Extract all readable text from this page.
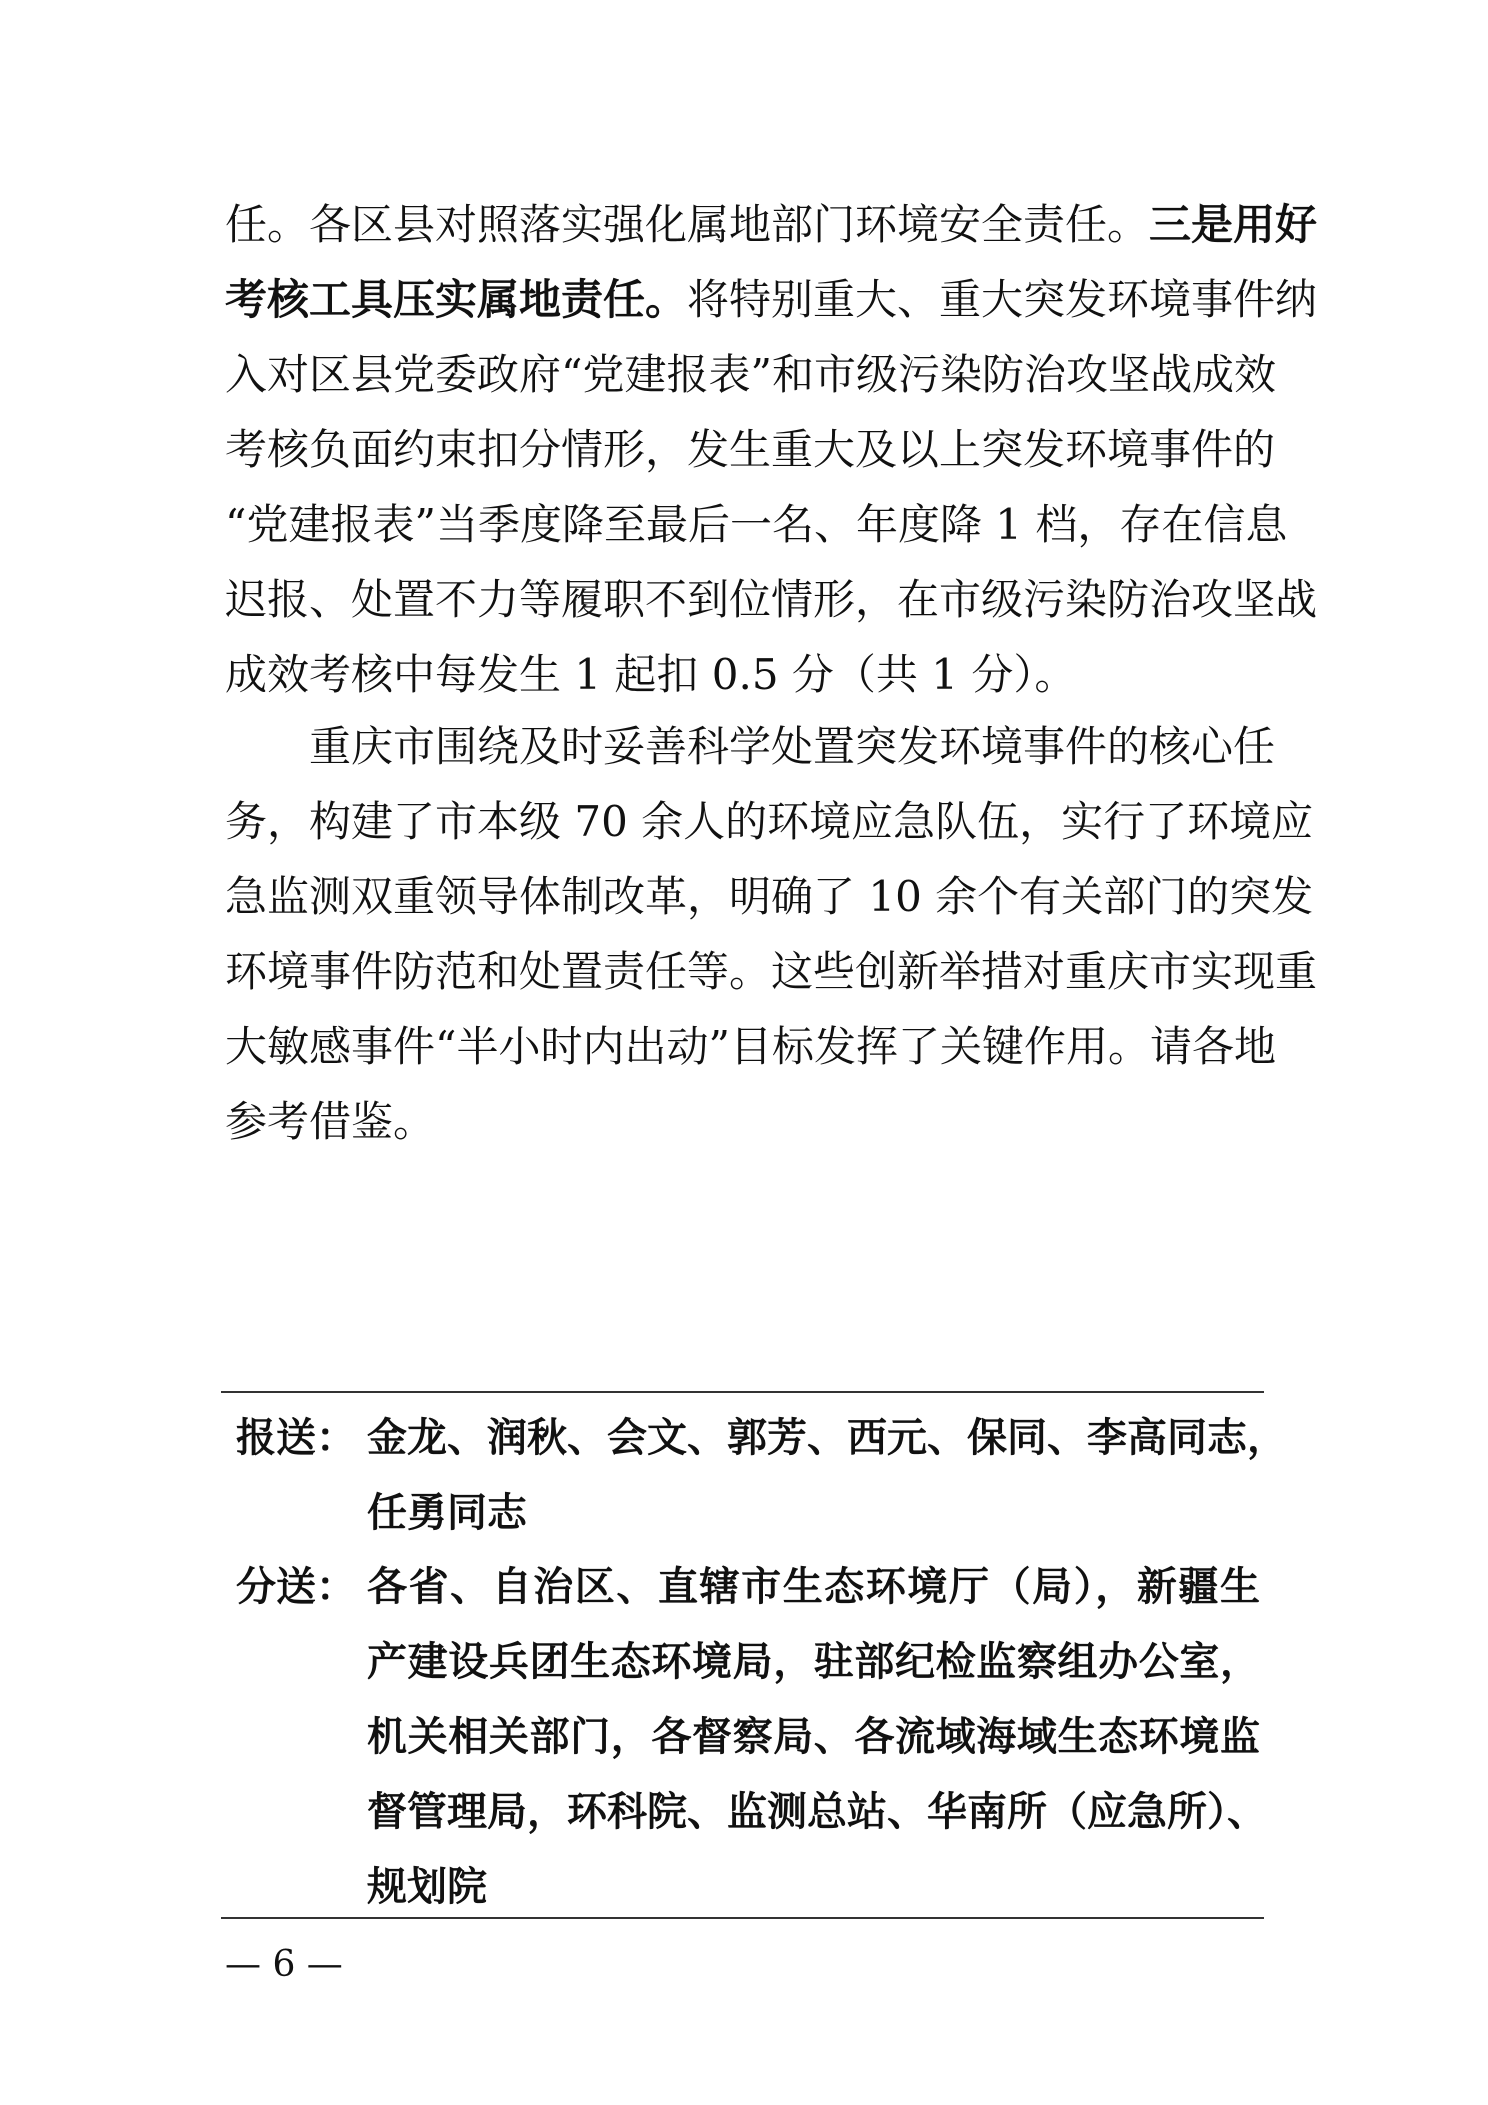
任。各区县对照落实强化属地部门环境安全责任。三是用好
考核工具压实属地责任。将特别重大、重大突发环境事件纳
入对区县党委政府“党建报表”和市级污染防治攻坚战成效
考核负面约束扣分情形，发生重大及以上突发环境事件的
“党建报表”当季度降至最后一名、年度降 1 档，存在信息
迟报、处置不力等履职不到位情形，在市级污染防治攻坚战
成效考核中每发生 1 起扣 0.5 分（共 1 分）。
重庆市围绕及时妥善科学处置突发环境事件的核心任
务，构建了市本级 70 余人的环境应急队伍，实行了环境应
急监测双重领导体制改革，明确了 10 余个有关部门的突发
环境事件防范和处置责任等。这些创新举措对重庆市实现重
大敏感事件“半小时内出动”目标发挥了关键作用。请各地
参考借鉴。
金龙、润秋、会文、郭芳、西元、保同、李高同志，
任勇同志
各省、自治区、直辖市生态环境厅（局），新疆生
产建设兵团生态环境局，驻部纪检监察组办公室，
机关相关部门，各督察局、各流域海域生态环境监
督管理局，环科院、监测总站、华南所（应急所）、
规划院
报送：
分送：
— 6 —
